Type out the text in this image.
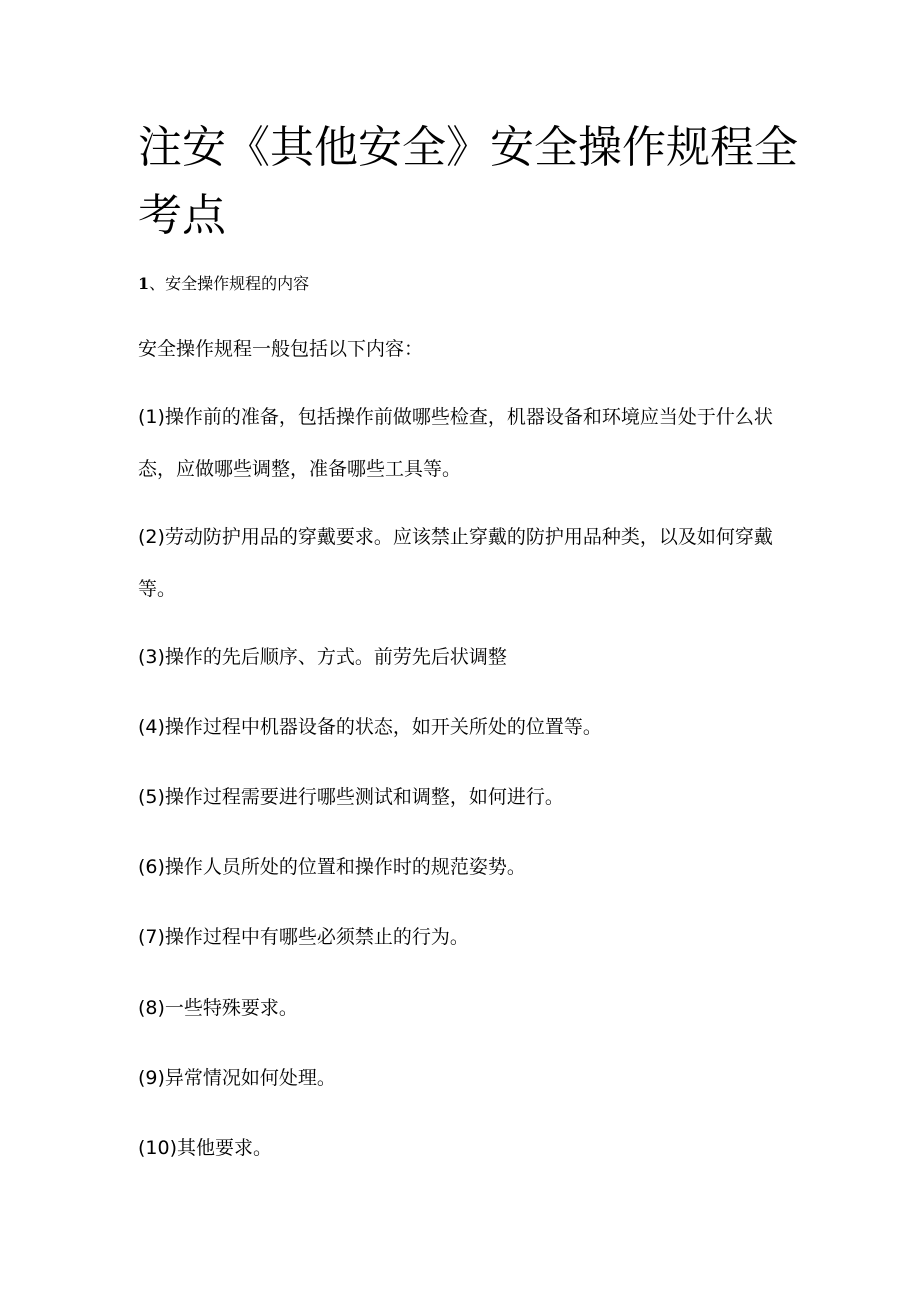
注安《其他安全》安全操作规程全考点

1、安全操作规程的内容

安全操作规程一般包括以下内容：

(1)操作前的准备，包括操作前做哪些检查，机器设备和环境应当处于什么状态，应做哪些调整，准备哪些工具等。

(2)劳动防护用品的穿戴要求。应该禁止穿戴的防护用品种类，以及如何穿戴等。

(3)操作的先后顺序、方式。前劳先后状调整

(4)操作过程中机器设备的状态，如开关所处的位置等。

(5)操作过程需要进行哪些测试和调整，如何进行。

(6)操作人员所处的位置和操作时的规范姿势。

(7)操作过程中有哪些必须禁止的行为。

(8)一些特殊要求。

(9)异常情况如何处理。

(10)其他要求。
